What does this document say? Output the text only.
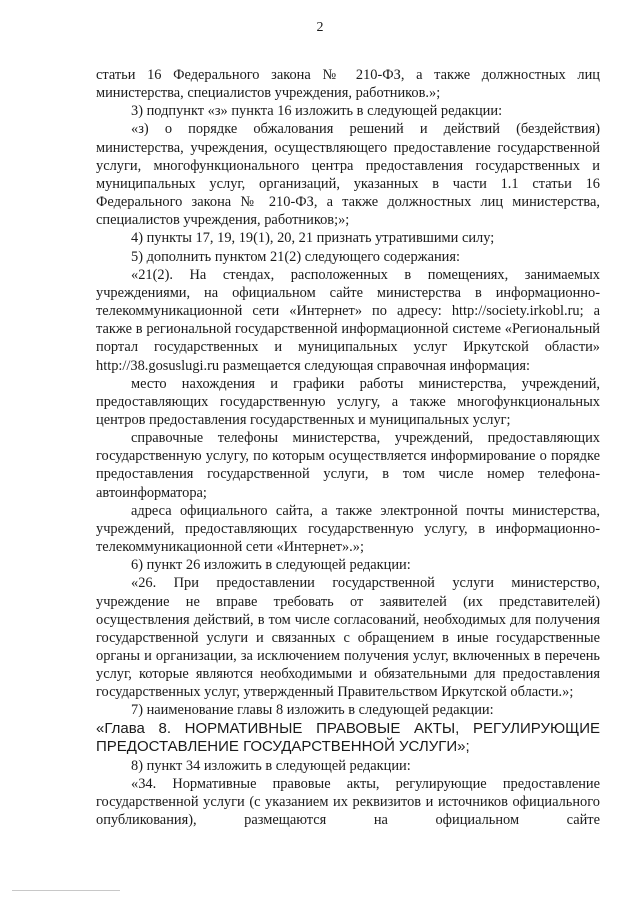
2

статьи 16 Федерального закона № 210-ФЗ, а также должностных лиц министерства, специалистов учреждения, работников.»;

3) подпункт «з» пункта 16 изложить в следующей редакции:

«з) о порядке обжалования решений и действий (бездействия) министерства, учреждения, осуществляющего предоставление государственной услуги, многофункционального центра предоставления государственных и муниципальных услуг, организаций, указанных в части 1.1 статьи 16 Федерального закона № 210-ФЗ, а также должностных лиц министерства, специалистов учреждения, работников;»;

4) пункты 17, 19, 19(1), 20, 21 признать утратившими силу;

5) дополнить пунктом 21(2) следующего содержания:

«21(2). На стендах, расположенных в помещениях, занимаемых учреждениями, на официальном сайте министерства в информационно-телекоммуникационной сети «Интернет» по адресу: http://society.irkobl.ru; а также в региональной государственной информационной системе «Региональный портал государственных и муниципальных услуг Иркутской области» http://38.gosuslugi.ru размещается следующая справочная информация:

место нахождения и графики работы министерства, учреждений, предоставляющих государственную услугу, а также многофункциональных центров предоставления государственных и муниципальных услуг;

справочные телефоны министерства, учреждений, предоставляющих государственную услугу, по которым осуществляется информирование о порядке предоставления государственной услуги, в том числе номер телефона-автоинформатора;

адреса официального сайта, а также электронной почты министерства, учреждений, предоставляющих государственную услугу, в информационно-телекоммуникационной сети «Интернет».»;

6) пункт 26 изложить в следующей редакции:

«26. При предоставлении государственной услуги министерство, учреждение не вправе требовать от заявителей (их представителей) осуществления действий, в том числе согласований, необходимых для получения государственной услуги и связанных с обращением в иные государственные органы и организации, за исключением получения услуг, включенных в перечень услуг, которые являются необходимыми и обязательными для предоставления государственных услуг, утвержденный Правительством Иркутской области.»;

7) наименование главы 8 изложить в следующей редакции:

«Глава 8. НОРМАТИВНЫЕ ПРАВОВЫЕ АКТЫ, РЕГУЛИРУЮЩИЕ ПРЕДОСТАВЛЕНИЕ ГОСУДАРСТВЕННОЙ УСЛУГИ»;

8) пункт 34 изложить в следующей редакции:

«34. Нормативные правовые акты, регулирующие предоставление государственной услуги (с указанием их реквизитов и источников официального опубликования), размещаются на официальном сайте
